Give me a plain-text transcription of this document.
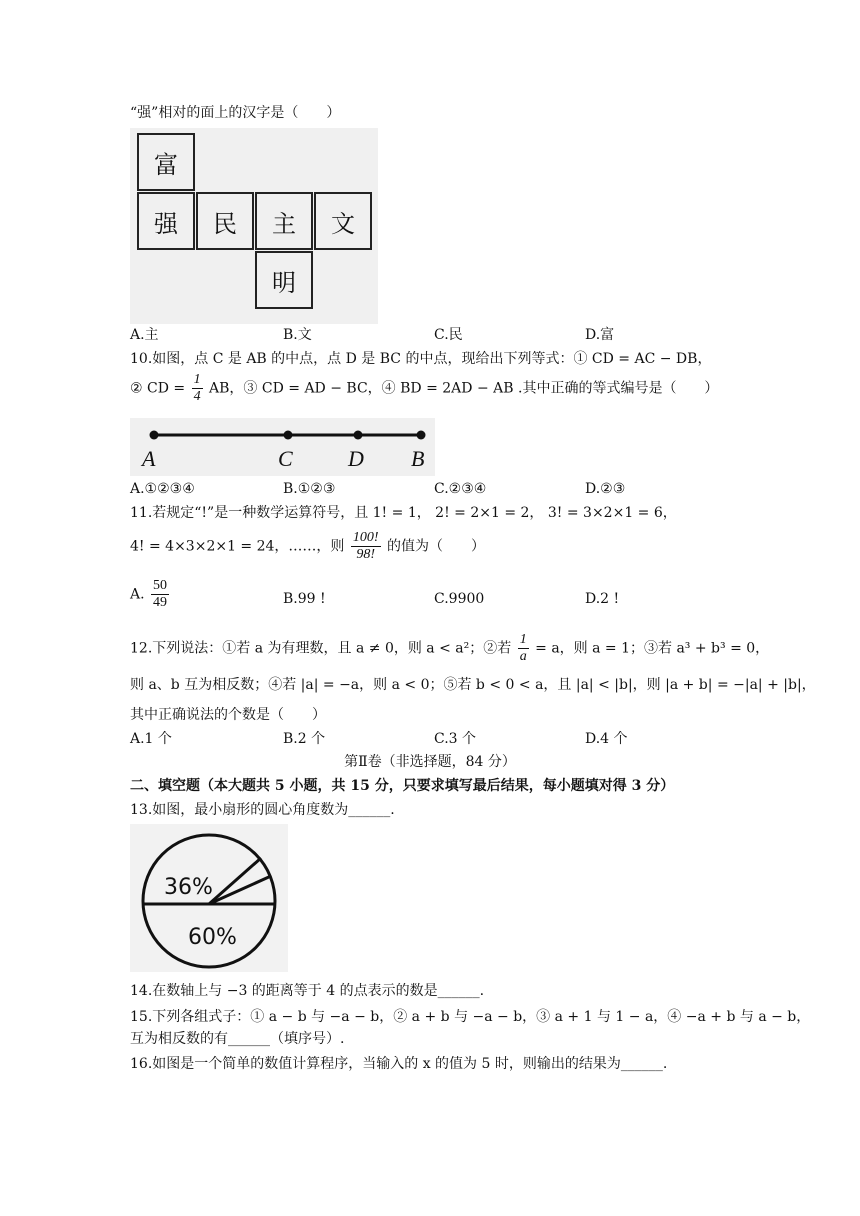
“强”相对的面上的汉字是（　　）
富
强	民	主	文
明
A.主	B.文	C.民	D.富
10.如图，点 C 是 AB 的中点，点 D 是 BC 的中点，现给出下列等式：① CD = AC − DB，
② CD = $\frac{1}{4}$ AB，③ CD = AD − BC，④ BD = 2AD − AB .其中正确的等式编号是（　　）
A	C	D B
A.①②③④	B.①②③	C.②③④	D.②③
11.若规定“!”是一种数学运算符号，且 1! = 1， 2! = 2×1 = 2， 3! = 3×2×1 = 6，
4! = 4×3×2×1 = 24，……，则 $\frac{100!}{98!}$ 的值为（　　）
A. $\frac{50}{49}$	B.99 !	C.9900	D.2 !
12.下列说法：①若 a 为有理数，且 a ≠ 0，则 a < a²；②若 $\frac{1}{a} = a$，则 a = 1；③若 a³ + b³ = 0，
则 a、b 互为相反数；④若 |a| = −a，则 a < 0；⑤若 b < 0 < a，且 |a| < |b|，则 |a + b| = −|a| + |b|，
其中正确说法的个数是（　　）
A.1 个	B.2 个	C.3 个	D.4 个
第Ⅱ卷（非选择题，84 分）
二、填空题（本大题共 5 小题，共 15 分，只要求填写最后结果，每小题填对得 3 分）
13.如图，最小扇形的圆心角度数为______.
36%
60%
14.在数轴上与 −3 的距离等于 4 的点表示的数是______.
15.下列各组式子：① a − b 与 −a − b，② a + b 与 −a − b，③ a + 1 与 1 − a，④ −a + b 与 a − b，
互为相反数的有______（填序号）.
16.如图是一个简单的数值计算程序，当输入的 x 的值为 5 时，则输出的结果为______.
